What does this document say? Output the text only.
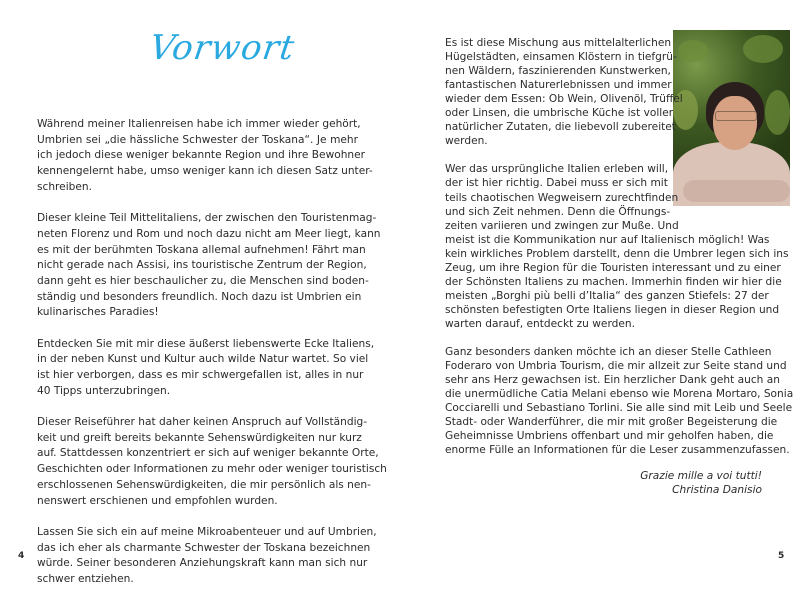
Vorwort
Während meiner Italienreisen habe ich immer wieder gehört,
Umbrien sei „die hässliche Schwester der Toskana“. Je mehr
ich jedoch diese weniger bekannte Region und ihre Bewohner
kennengelernt habe, umso weniger kann ich diesen Satz unter-
schreiben.
Dieser kleine Teil Mittelitaliens, der zwischen den Touristenmag-
neten Florenz und Rom und noch dazu nicht am Meer liegt, kann
es mit der berühmten Toskana allemal aufnehmen! Fährt man
nicht gerade nach Assisi, ins touristische Zentrum der Region,
dann geht es hier beschaulicher zu, die Menschen sind boden-
ständig und besonders freundlich. Noch dazu ist Umbrien ein
kulinarisches Paradies!
Entdecken Sie mit mir diese äußerst liebenswerte Ecke Italiens,
in der neben Kunst und Kultur auch wilde Natur wartet. So viel
ist hier verborgen, dass es mir schwergefallen ist, alles in nur
40 Tipps unterzubringen.
Dieser Reiseführer hat daher keinen Anspruch auf Vollständig-
keit und greift bereits bekannte Sehenswürdigkeiten nur kurz
auf. Stattdessen konzentriert er sich auf weniger bekannte Orte,
Geschichten oder Informationen zu mehr oder weniger touristisch
erschlossenen Sehenswürdigkeiten, die mir persönlich als nen-
nenswert erschienen und empfohlen wurden.
Lassen Sie sich ein auf meine Mikroabenteuer und auf Umbrien,
das ich eher als charmante Schwester der Toskana bezeichnen
würde. Seiner besonderen Anziehungskraft kann man sich nur
schwer entziehen.
4
Es ist diese Mischung aus mittelalterlichen
Hügelstädten, einsamen Klöstern in tiefgrü-
nen Wäldern, faszinierenden Kunstwerken,
fantastischen Naturerlebnissen und immer
wieder dem Essen: Ob Wein, Olivenöl, Trüffel
oder Linsen, die umbrische Küche ist voller
natürlicher Zutaten, die liebevoll zubereitet
werden.
Wer das ursprüngliche Italien erleben will,
der ist hier richtig. Dabei muss er sich mit
teils chaotischen Wegweisern zurechtfinden
und sich Zeit nehmen. Denn die Öffnungs-
zeiten variieren und zwingen zur Muße. Und
meist ist die Kommunikation nur auf Italienisch möglich! Was
kein wirkliches Problem darstellt, denn die Umbrer legen sich ins
Zeug, um ihre Region für die Touristen interessant und zu einer
der Schönsten Italiens zu machen. Immerhin finden wir hier die
meisten „Borghi più belli d’Italia“ des ganzen Stiefels: 27 der
schönsten befestigten Orte Italiens liegen in dieser Region und
warten darauf, entdeckt zu werden.
Ganz besonders danken möchte ich an dieser Stelle Cathleen
Foderaro von Umbria Tourism, die mir allzeit zur Seite stand und
sehr ans Herz gewachsen ist. Ein herzlicher Dank geht auch an
die unermüdliche Catia Melani ebenso wie Morena Mortaro, Sonia
Cocciarelli und Sebastiano Torlini. Sie alle sind mit Leib und Seele
Stadt- oder Wanderführer, die mir mit großer Begeisterung die
Geheimnisse Umbriens offenbart und mir geholfen haben, die
enorme Fülle an Informationen für die Leser zusammenzufassen.
Grazie mille a voi tutti!
Christina Danisio
5
